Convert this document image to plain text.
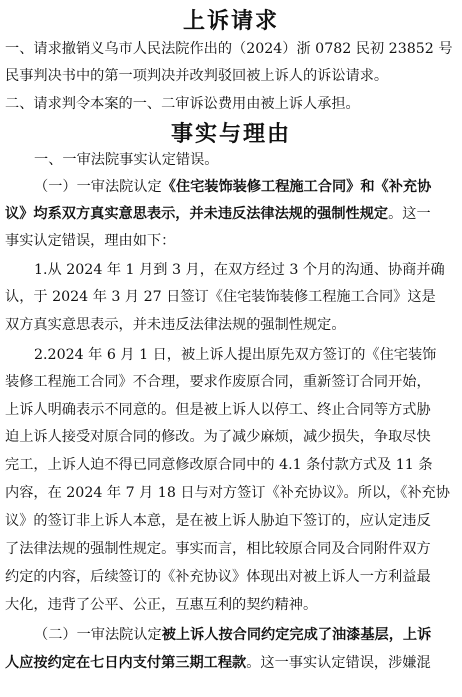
上诉请求
一、请求撤销义乌市人民法院作出的（2024）浙 0782 民初 23852 号
民事判决书中的第一项判决并改判驳回被上诉人的诉讼请求。
二、请求判令本案的一、二审诉讼费用由被上诉人承担。
事实与理由
一、一审法院事实认定错误。
（一）一审法院认定《住宅装饰装修工程施工合同》和《补充协
议》均系双方真实意思表示，并未违反法律法规的强制性规定。这一
事实认定错误，理由如下：
1.从 2024 年 1 月到 3 月，在双方经过 3 个月的沟通、协商并确
认，于 2024 年 3 月 27 日签订《住宅装饰装修工程施工合同》这是
双方真实意思表示，并未违反法律法规的强制性规定。
2.2024 年 6 月 1 日，被上诉人提出原先双方签订的《住宅装饰
装修工程施工合同》不合理，要求作废原合同，重新签订合同开始，
上诉人明确表示不同意的。但是被上诉人以停工、终止合同等方式胁
迫上诉人接受对原合同的修改。为了减少麻烦，减少损失，争取尽快
完工，上诉人迫不得已同意修改原合同中的 4.1 条付款方式及 11 条
内容，在 2024 年 7 月 18 日与对方签订《补充协议》。所以，《补充协
议》的签订非上诉人本意，是在被上诉人胁迫下签订的，应认定违反
了法律法规的强制性规定。事实而言，相比较原合同及合同附件双方
约定的内容，后续签订的《补充协议》体现出对被上诉人一方利益最
大化，违背了公平、公正，互惠互利的契约精神。
（二）一审法院认定被上诉人按合同约定完成了油漆基层，上诉
人应按约定在七日内支付第三期工程款。这一事实认定错误，涉嫌混
